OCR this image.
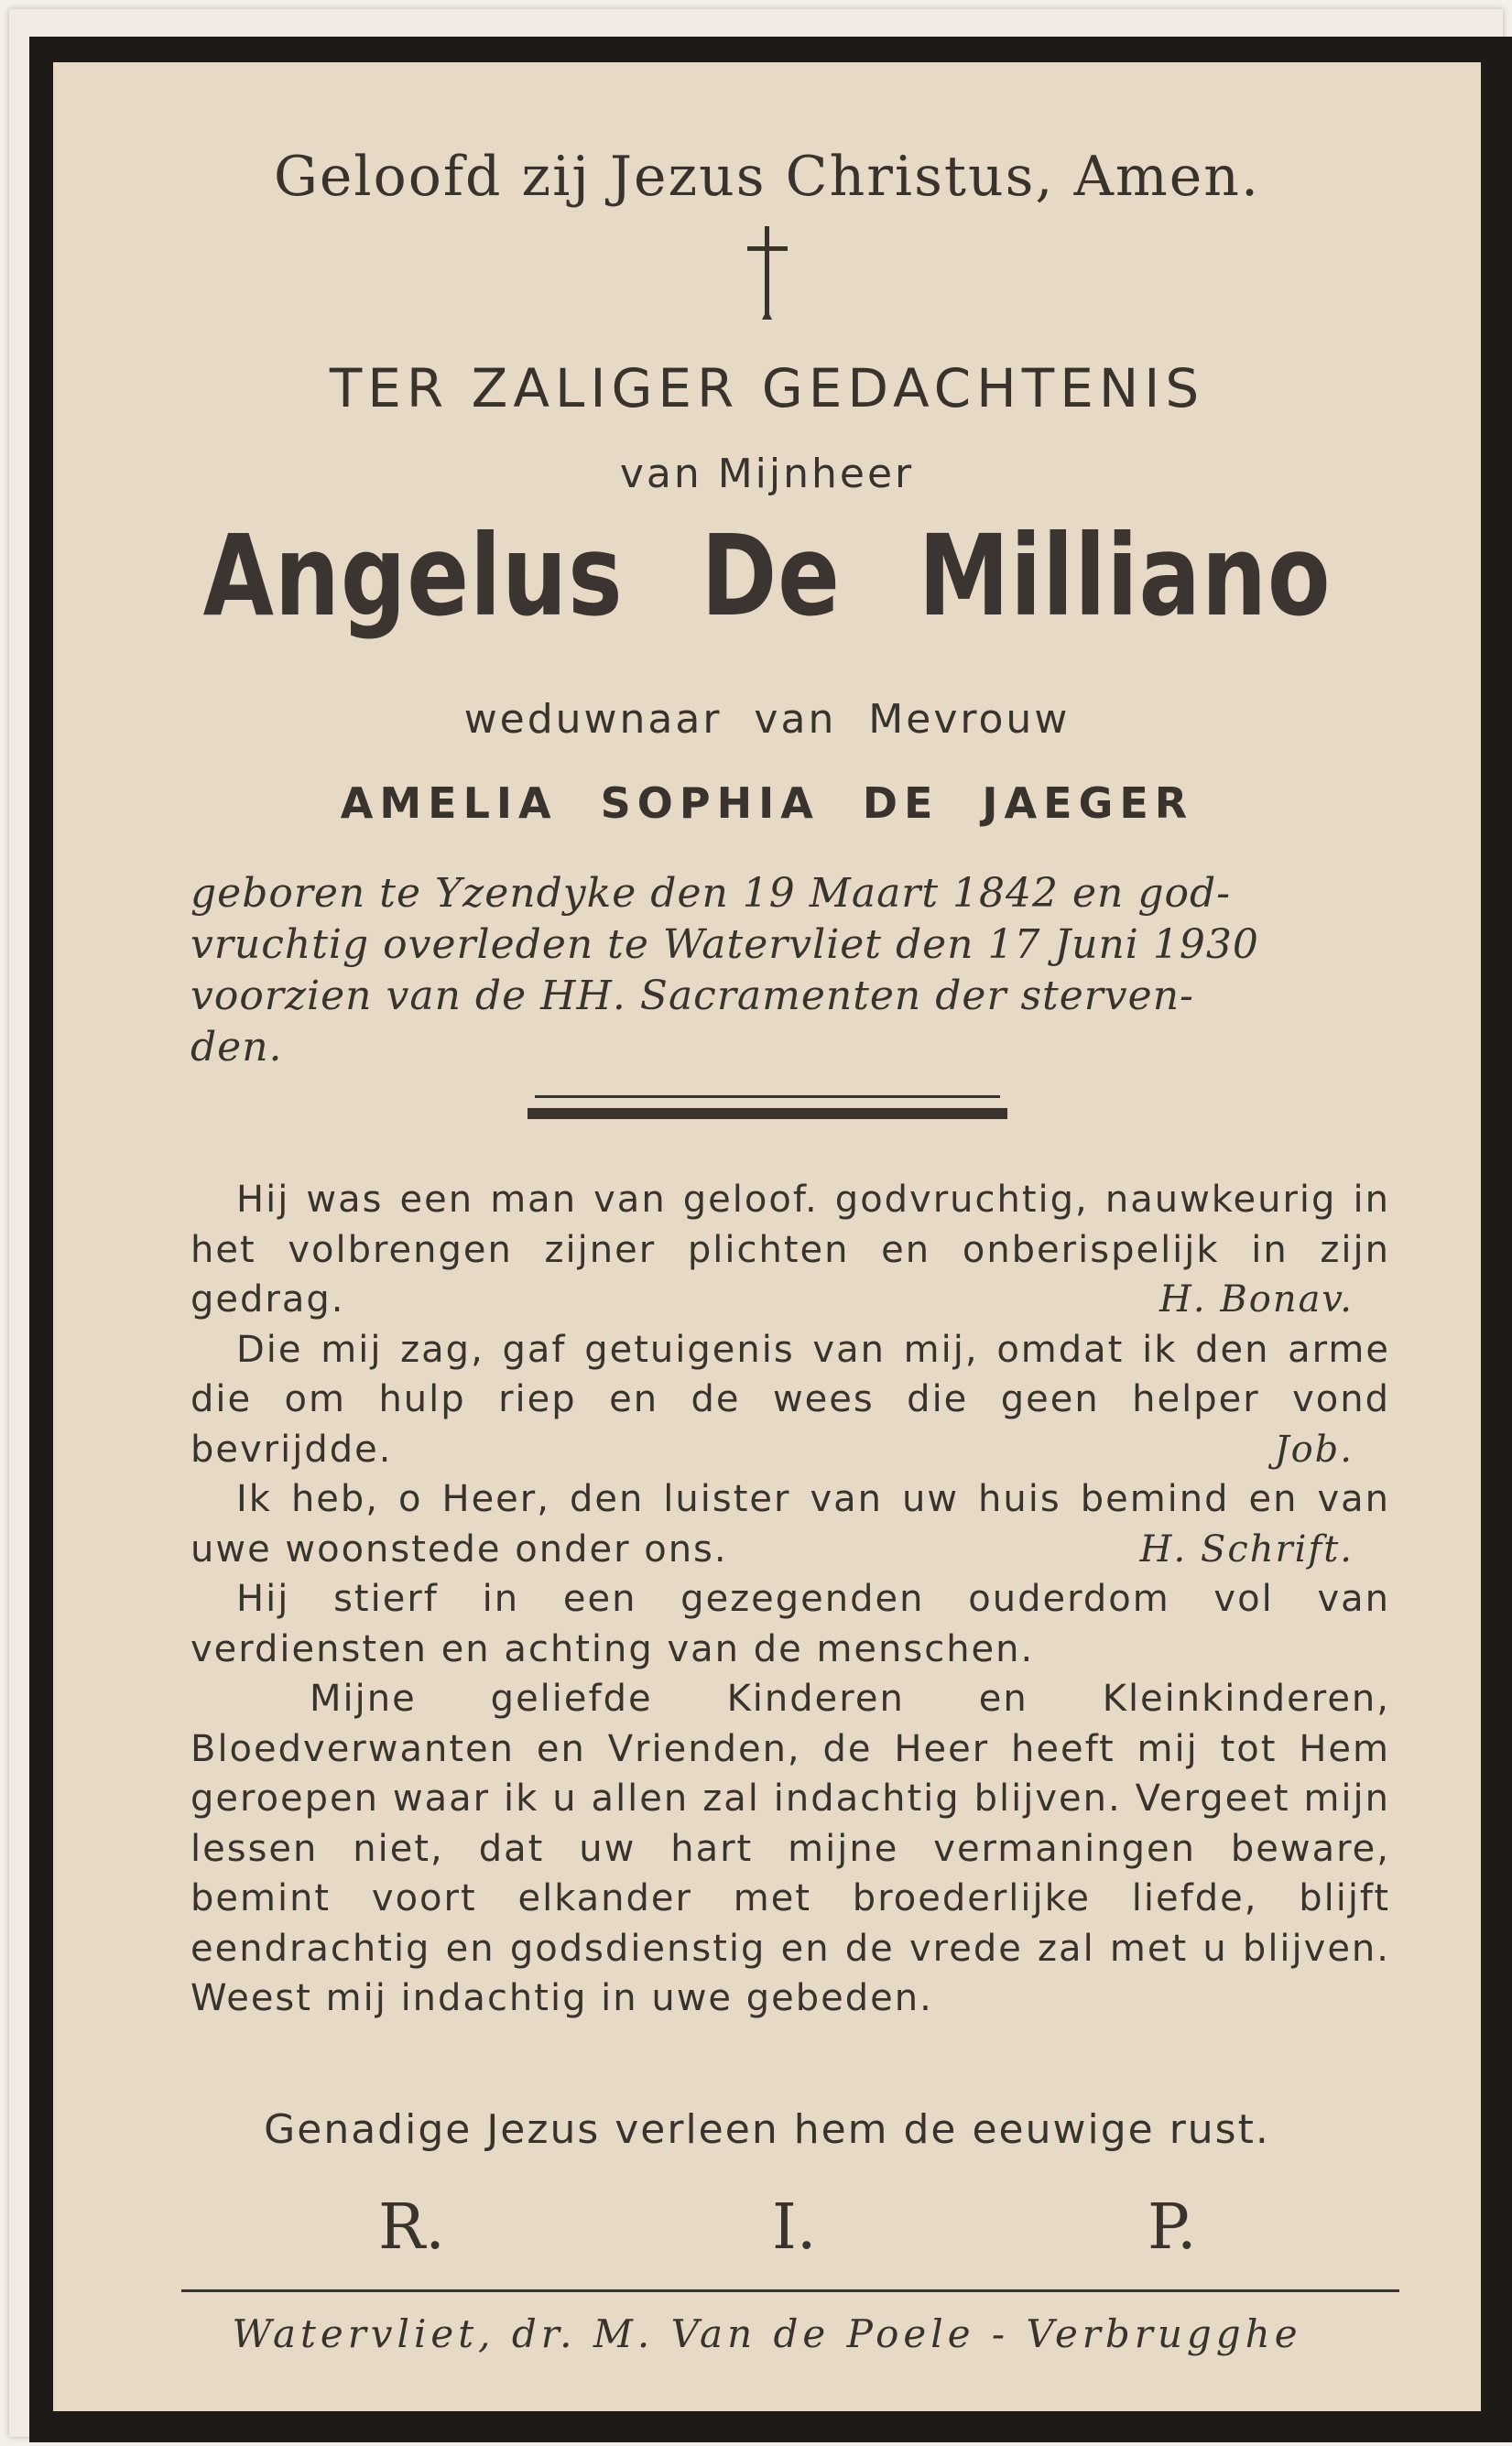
Geloofd zij Jezus Christus, Amen.
TER ZALIGER GEDACHTENIS
van Mijnheer
Angelus De Milliano
weduwnaar van Mevrouw
AMELIA SOPHIA DE JAEGER

geboren te Yzendyke den 19 Maart 1842 en god-

vruchtig overleden te Watervliet den 17 Juni 1930

voorzien van de HH. Sacramenten der sterven-

den.

Hij was een man van geloof. godvruchtig, nauwkeurig in het volbrengen zijner plichten en onberispelijk in zijn gedrag.	H. Bonav.

Die mij zag, gaf getuigenis van mij, omdat ik den arme die om hulp riep en de wees die geen helper vond bevrijdde.	Job.

Ik heb, o Heer, den luister van uw huis bemind en van uwe woonstede onder ons.	H. Schrift.

Hij stierf in een gezegenden ouderdom vol van verdiensten en achting van de menschen.

Mijne geliefde Kinderen en Kleinkinderen, Bloedverwanten en Vrienden, de Heer heeft mij tot Hem geroepen waar ik u allen zal indachtig blijven. Vergeet mijn lessen niet, dat uw hart mijne vermaningen beware, bemint voort elkander met broederlijke liefde, blijft eendrachtig en godsdienstig en de vrede zal met u blijven. Weest mij indachtig in uwe gebeden.

Genadige Jezus verleen hem de eeuwige rust.
R.	I.	P.
Watervliet, dr. M. Van de Poele - Verbrugghe
